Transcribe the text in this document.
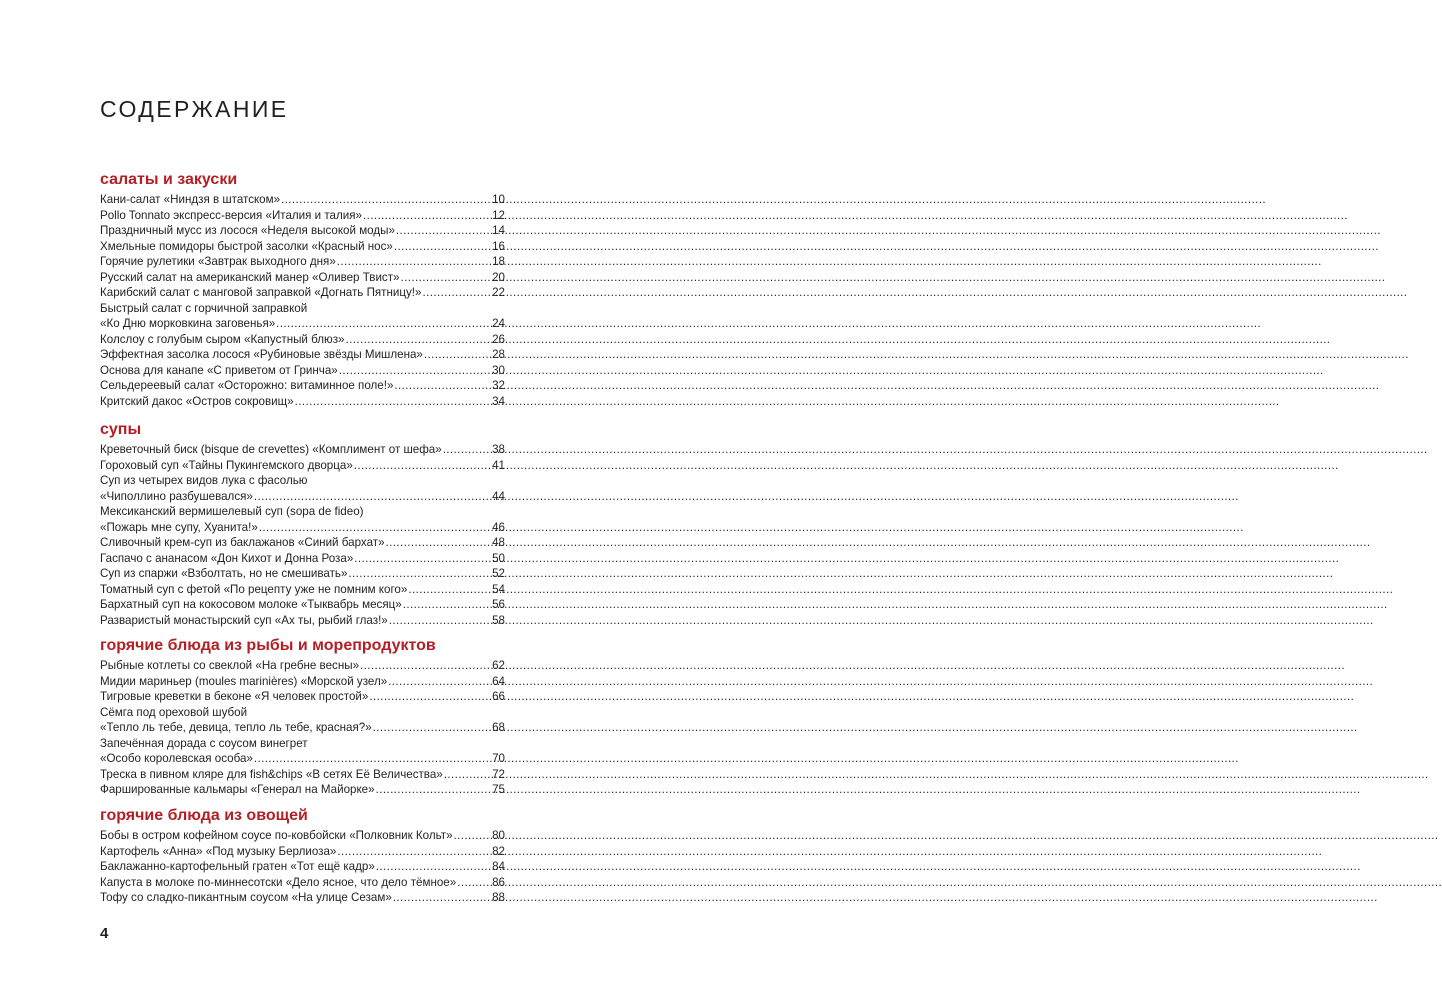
СОДЕРЖАНИЕ
салаты и закуски
Кани-салат «Ниндзя в штатском» .....	10
Pollo Tonnato экспресс-версия «Италия и талия» .....	12
Праздничный мусс из лосося «Неделя высокой моды» .....	14
Хмельные помидоры быстрой засолки «Красный нос» .....	16
Горячие рулетики «Завтрак выходного дня» .....	18
Русский салат на американский манер «Оливер Твист» .....	20
Карибский салат с манговой заправкой «Догнать Пятницу!» .....	22
Быстрый салат с горчичной заправкой
«Ко Дню морковкина заговенья» .....	24
Колслоу с голубым сыром «Капустный блюз» .....	26
Эффектная засолка лосося «Рубиновые звёзды Мишлена» .....	28
Основа для канапе «С приветом от Гринча» .....	30
Сельдереевый салат «Осторожно: витаминное поле!» .....	32
Критский дакос «Остров сокровищ» .....	34
супы
Креветочный биск (bisque de crevettes) «Комплимент от шефа» .....	38
Гороховый суп «Тайны Пукингемского дворца» .....	41
Суп из четырех видов лука с фасолью
«Чиполлино разбушевался» .....	44
Мексиканский вермишелевый суп (sopa de fideo)
«Пожарь мне супу, Хуанита!» .....	46
Сливочный крем-суп из баклажанов «Синий бархат» .....	48
Гаспачо с ананасом «Дон Кихот и Донна Роза» .....	50
Суп из спаржи «Взболтать, но не смешивать» .....	52
Томатный суп с фетой «По рецепту уже не помним кого» .....	54
Бархатный суп на кокосовом молоке «Тыквабрь месяц» .....	56
Разваристый монастырский суп «Ах ты, рыбий глаз!» .....	58
горячие блюда из рыбы и морепродуктов
Рыбные котлеты со свеклой «На гребне весны» .....	62
Мидии мариньер (moules marinières) «Морской узел» .....	64
Тигровые креветки в беконе «Я человек простой» .....	66
Сёмга под ореховой шубой
«Тепло ль тебе, девица, тепло ль тебе, красная?» .....	68
Запечённая дорада с соусом винегрет
«Особо королевская особа» .....	70
Треска в пивном кляре для fish&chips «В сетях Её Величества» .....	72
Фаршированные кальмары «Генерал на Майорке» .....	75
горячие блюда из овощей
Бобы в остром кофейном соусе по-ковбойски «Полковник Кольт» .....	80
Картофель «Анна» «Под музыку Берлиоза» .....	82
Баклажанно-картофельный гратен «Тот ещё кадр» .....	84
Капуста в молоке по-миннесотски «Дело ясное, что дело тёмное» .....	86
Тофу со сладко-пикантным соусом «На улице Сезам» .....	88
4
